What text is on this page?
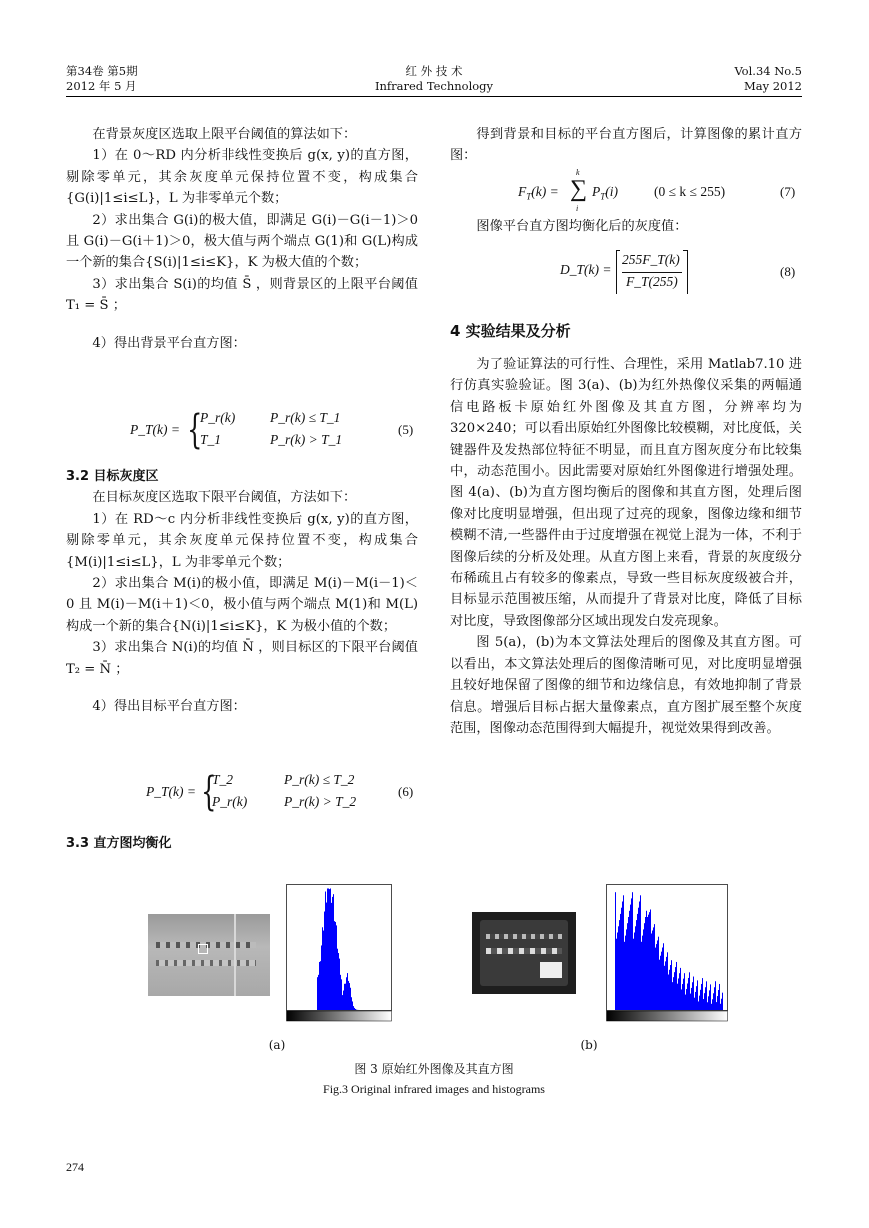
第34卷 第5期
2012 年 5 月
红 外 技 术
Infrared Technology
Vol.34 No.5
May 2012

在背景灰度区选取上限平台阈值的算法如下：

1）在 0～RD 内分析非线性变换后 g(x, y)的直方图，剔除零单元，其余灰度单元保持位置不变，构成集合{G(i)|1≤i≤L}，L 为非零单元个数；

2）求出集合 G(i)的极大值，即满足 G(i)－G(i－1)＞0 且 G(i)－G(i＋1)＞0，极大值与两个端点 G(1)和 G(L)构成一个新的集合{S(i)|1≤i≤K}，K 为极大值的个数；

3）求出集合 S(i)的均值 S̄ ，则背景区的上限平台阈值 T₁ = S̄ ；

4）得出背景平台直方图：

P_T(k) = {
P_r(k)	P_r(k) ≤ T_1
T_1	P_r(k) > T_1
(5)

3.2 目标灰度区

在目标灰度区选取下限平台阈值，方法如下：

1）在 RD～c 内分析非线性变换后 g(x, y)的直方图，剔除零单元，其余灰度单元保持位置不变，构成集合{M(i)|1≤i≤L}，L 为非零单元个数；

2）求出集合 M(i)的极小值，即满足 M(i)－M(i－1)＜0 且 M(i)－M(i＋1)＜0，极小值与两个端点 M(1)和 M(L)构成一个新的集合{N(i)|1≤i≤K}，K 为极小值的个数；

3）求出集合 N(i)的均值 N̄ ，则目标区的下限平台阈值 T₂ = N̄ ；

4）得出目标平台直方图：

P_T(k) = {
T_2	P_r(k) ≤ T_2
P_r(k)	P_r(k) > T_2
(6)
3.3 直方图均衡化

得到背景和目标的平台直方图后，计算图像的累计直方图：

$F_T(k)$ = ∑
k
i
$P_T(i)$	(0 ≤ k ≤ 255)	(7)

图像平台直方图均衡化后的灰度值：

D_T(k) =
255F_T(k)
F_T(255)
(8)
4 实验结果及分析

为了验证算法的可行性、合理性，采用 Matlab7.10 进行仿真实验验证。图 3(a)、(b)为红外热像仪采集的两幅通信电路板卡原始红外图像及其直方图，分辨率均为 320×240；可以看出原始红外图像比较模糊，对比度低，关键器件及发热部位特征不明显，而且直方图灰度分布比较集中，动态范围小。因此需要对原始红外图像进行增强处理。图 4(a)、(b)为直方图均衡后的图像和其直方图，处理后图像对比度明显增强，但出现了过亮的现象，图像边缘和细节模糊不清,一些器件由于过度增强在视觉上混为一体，不利于图像后续的分析及处理。从直方图上来看，背景的灰度级分布稀疏且占有较多的像素点，导致一些目标灰度级被合并，目标显示范围被压缩，从而提升了背景对比度，降低了目标对比度，导致图像部分区域出现发白发亮现象。

图 5(a)，(b)为本文算法处理后的图像及其直方图。可以看出，本文算法处理后的图像清晰可见，对比度明显增强且较好地保留了图像的细节和边缘信息，有效地抑制了背景信息。增强后目标占据大量像素点，直方图扩展至整个灰度范围，图像动态范围得到大幅提升，视觉效果得到改善。

(a)	(b)
图 3 原始红外图像及其直方图
Fig.3 Original infrared images and histograms
274
